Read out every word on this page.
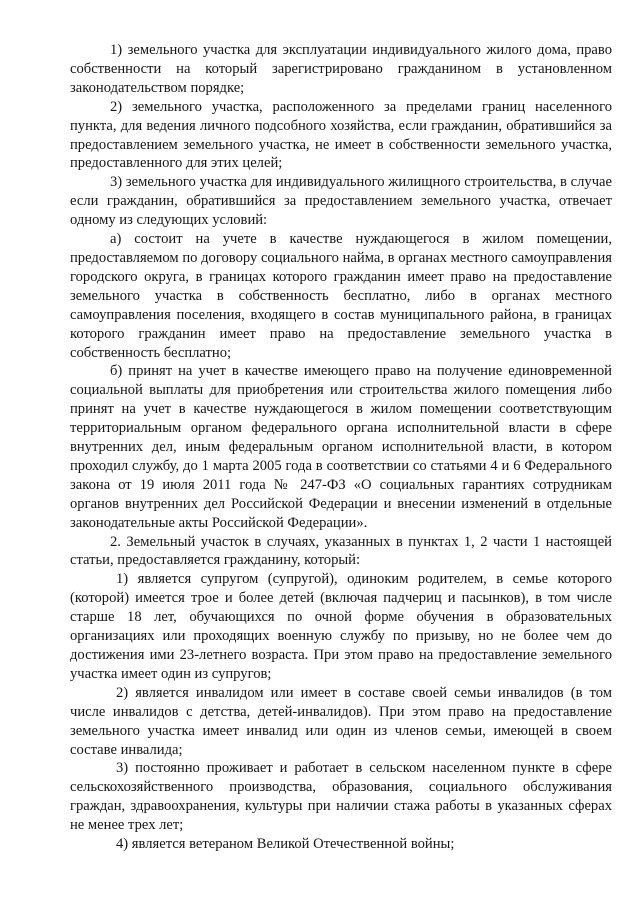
1) земельного участка для эксплуатации индивидуального жилого дома, право собственности на который зарегистрировано гражданином в установленном законодательством порядке;

2) земельного участка, расположенного за пределами границ населенного пункта, для ведения личного подсобного хозяйства, если гражданин, обратившийся за предоставлением земельного участка, не имеет в собственности земельного участка, предоставленного для этих целей;

3) земельного участка для индивидуального жилищного строительства, в случае если гражданин, обратившийся за предоставлением земельного участка, отвечает одному из следующих условий:

а) состоит на учете в качестве нуждающегося в жилом помещении, предоставляемом по договору социального найма, в органах местного самоуправления городского округа, в границах которого гражданин имеет право на предоставление земельного участка в собственность бесплатно, либо в органах местного самоуправления поселения, входящего в состав муниципального района, в границах которого гражданин имеет право на предоставление земельного участка в собственность бесплатно;

б) принят на учет в качестве имеющего право на получение единовременной социальной выплаты для приобретения или строительства жилого помещения либо принят на учет в качестве нуждающегося в жилом помещении соответствующим территориальным органом федерального органа исполнительной власти в сфере внутренних дел, иным федеральным органом исполнительной власти, в котором проходил службу, до 1 марта 2005 года в соответствии со статьями 4 и 6 Федерального закона от 19 июля 2011 года № 247-ФЗ «О социальных гарантиях сотрудникам органов внутренних дел Российской Федерации и внесении изменений в отдельные законодательные акты Российской Федерации».

2. Земельный участок в случаях, указанных в пунктах 1, 2 части 1 настоящей статьи, предоставляется гражданину, который:

1) является супругом (супругой), одиноким родителем, в семье которого (которой) имеется трое и более детей (включая падчериц и пасынков), в том числе старше 18 лет, обучающихся по очной форме обучения в образовательных организациях или проходящих военную службу по призыву, но не более чем до достижения ими 23-летнего возраста. При этом право на предоставление земельного участка имеет один из супругов;

2) является инвалидом или имеет в составе своей семьи инвалидов (в том числе инвалидов с детства, детей-инвалидов). При этом право на предоставление земельного участка имеет инвалид или один из членов семьи, имеющей в своем составе инвалида;

3) постоянно проживает и работает в сельском населенном пункте в сфере сельскохозяйственного производства, образования, социального обслуживания граждан, здравоохранения, культуры при наличии стажа работы в указанных сферах не менее трех лет;

4) является ветераном Великой Отечественной войны;
